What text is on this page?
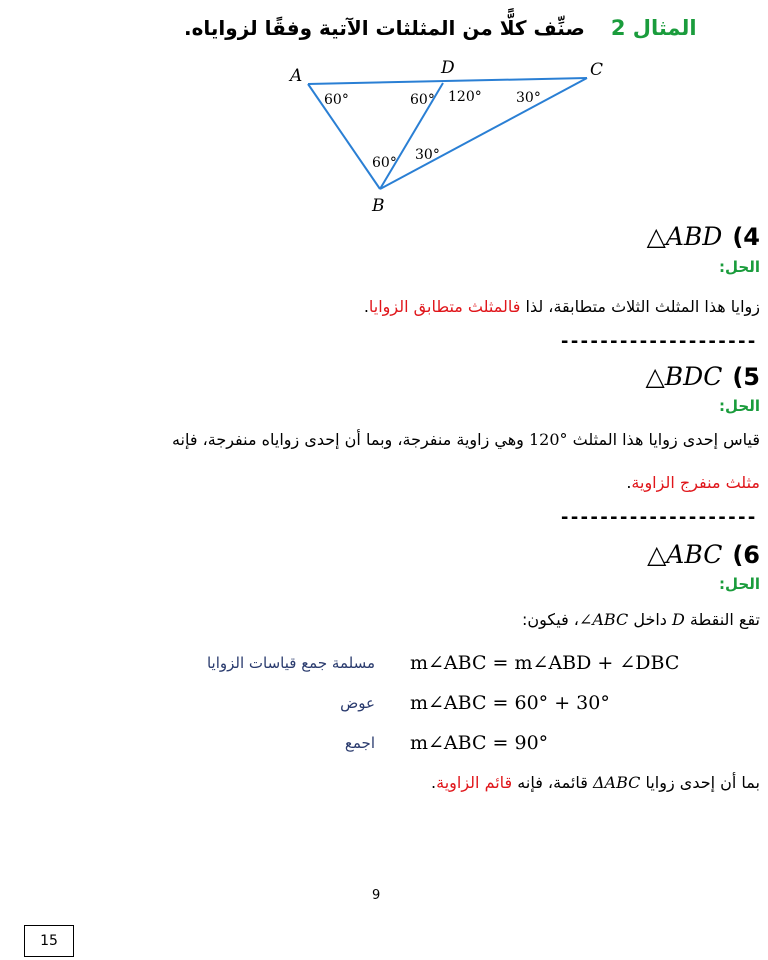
المثال 2
صنِّف كلًّا من المثلثات الآتية وفقًا لزواياه.
A	D	C
B
60°	60° 120° 30°
60° 30°
△ABD (4
الحل:
زوايا هذا المثلث الثلاث متطابقة، لذا فالمثلث متطابق الزوايا.
--------------------
△BDC (5
الحل:
قياس إحدى زوايا هذا المثلث 120° وهي زاوية منفرجة، وبما أن إحدى زواياه منفرجة، فإنه
مثلث منفرج الزاوية.
--------------------
△ABC (6
الحل:
تقع النقطة D داخل ∠ABC، فيكون:
m∠ABC = m∠ABD + ∠DBC
مسلمة جمع قياسات الزوايا
m∠ABC = 60° + 30°
عوض
m∠ABC = 90°
اجمع
بما أن إحدى زوايا ΔABC قائمة، فإنه قائم الزاوية.
9
15
